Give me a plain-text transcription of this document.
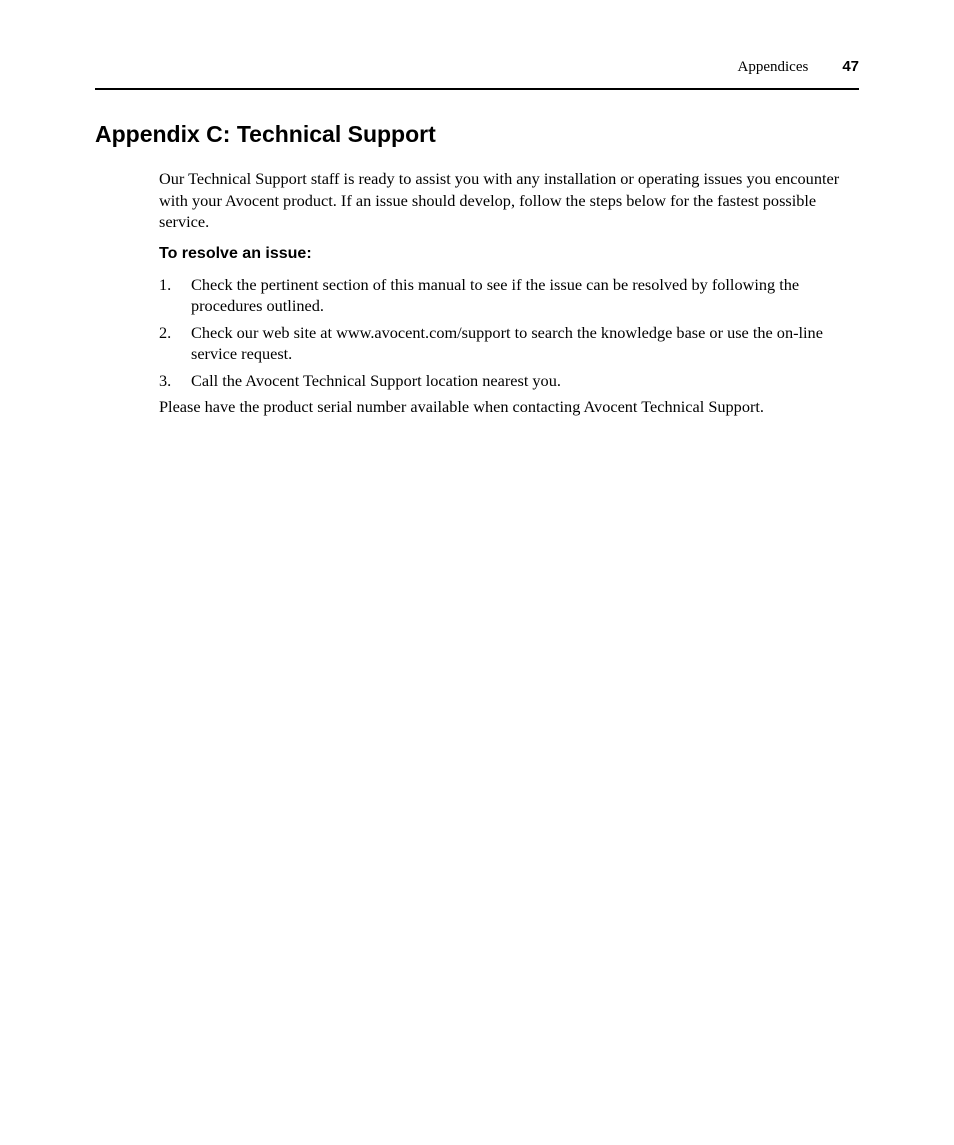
Appendices 47
Appendix C: Technical Support

Our Technical Support staff is ready to assist you with any installation or operating issues you encounter with your Avocent product. If an issue should develop, follow the steps below for the fastest possible service.

To resolve an issue:
1. Check the pertinent section of this manual to see if the issue can be resolved by following the procedures outlined.
2. Check our web site at www.avocent.com/support to search the knowledge base or use the on-line service request.
3. Call the Avocent Technical Support location nearest you.

Please have the product serial number available when contacting Avocent Technical Support.
